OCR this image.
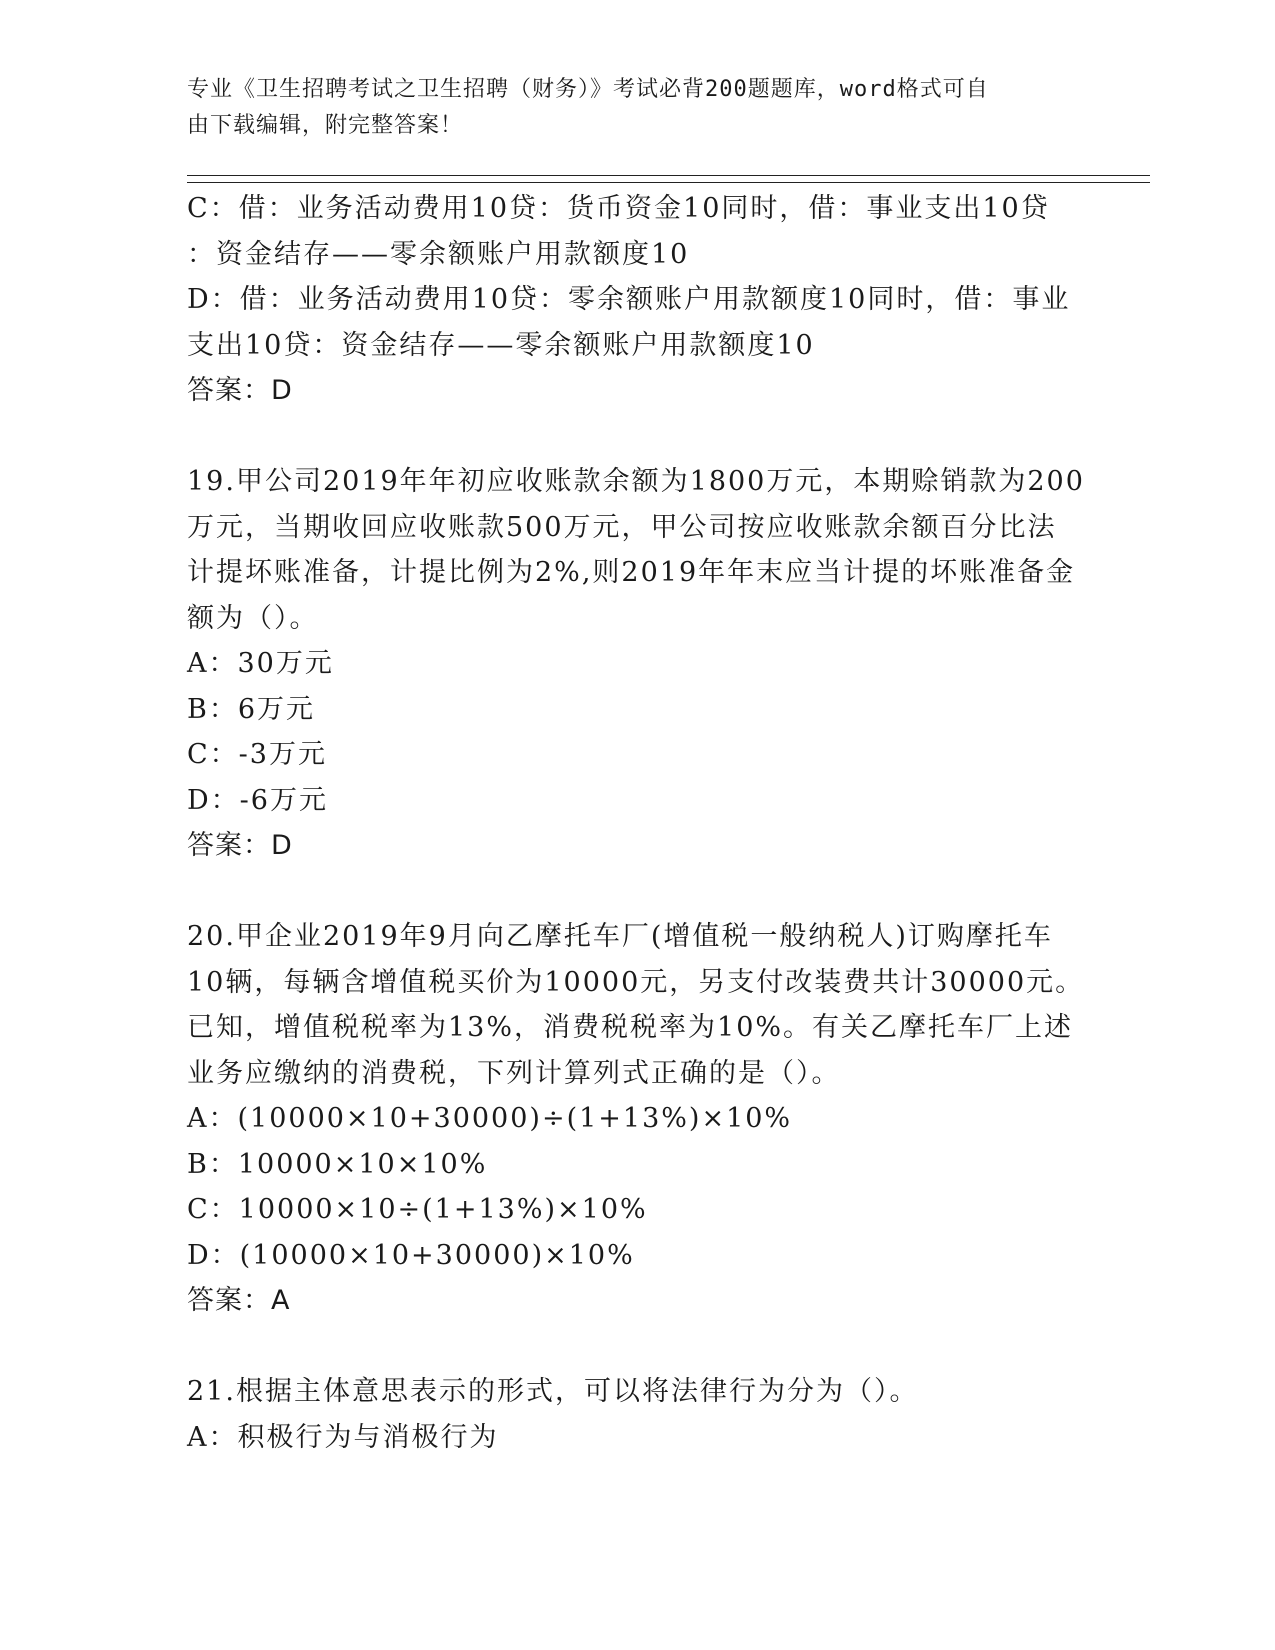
专业《卫生招聘考试之卫生招聘（财务）》考试必背200题题库，word格式可自
由下载编辑，附完整答案！
C：借：业务活动费用10贷：货币资金10同时，借：事业支出10贷
：资金结存——零余额账户用款额度10
D：借：业务活动费用10贷：零余额账户用款额度10同时，借：事业
支出10贷：资金结存——零余额账户用款额度10
答案：D
19.甲公司2019年年初应收账款余额为1800万元，本期赊销款为200
万元，当期收回应收账款500万元，甲公司按应收账款余额百分比法
计提坏账准备，计提比例为2%,则2019年年末应当计提的坏账准备金
额为（）。
A：30万元
B：6万元
C：-3万元
D：-6万元
答案：D
20.甲企业2019年9月向乙摩托车厂(增值税一般纳税人)订购摩托车
10辆，每辆含增值税买价为10000元，另支付改装费共计30000元。
已知，增值税税率为13%，消费税税率为10%。有关乙摩托车厂上述
业务应缴纳的消费税，下列计算列式正确的是（）。
A：(10000×10+30000)÷(1+13%)×10%
B：10000×10×10%
C：10000×10÷(1+13%)×10%
D：(10000×10+30000)×10%
答案：A
21.根据主体意思表示的形式，可以将法律行为分为（）。
A：积极行为与消极行为
